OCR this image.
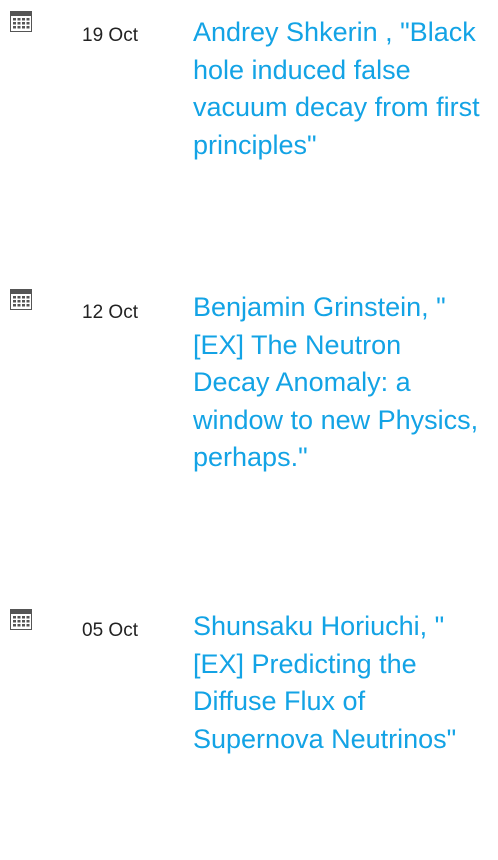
19 Oct Andrey Shkerin , "Black hole induced false vacuum decay from first principles"
12 Oct Benjamin Grinstein, "[EX] The Neutron Decay Anomaly: a window to new Physics, perhaps."
05 Oct Shunsaku Horiuchi, "[EX] Predicting the Diffuse Flux of Supernova Neutrinos"
